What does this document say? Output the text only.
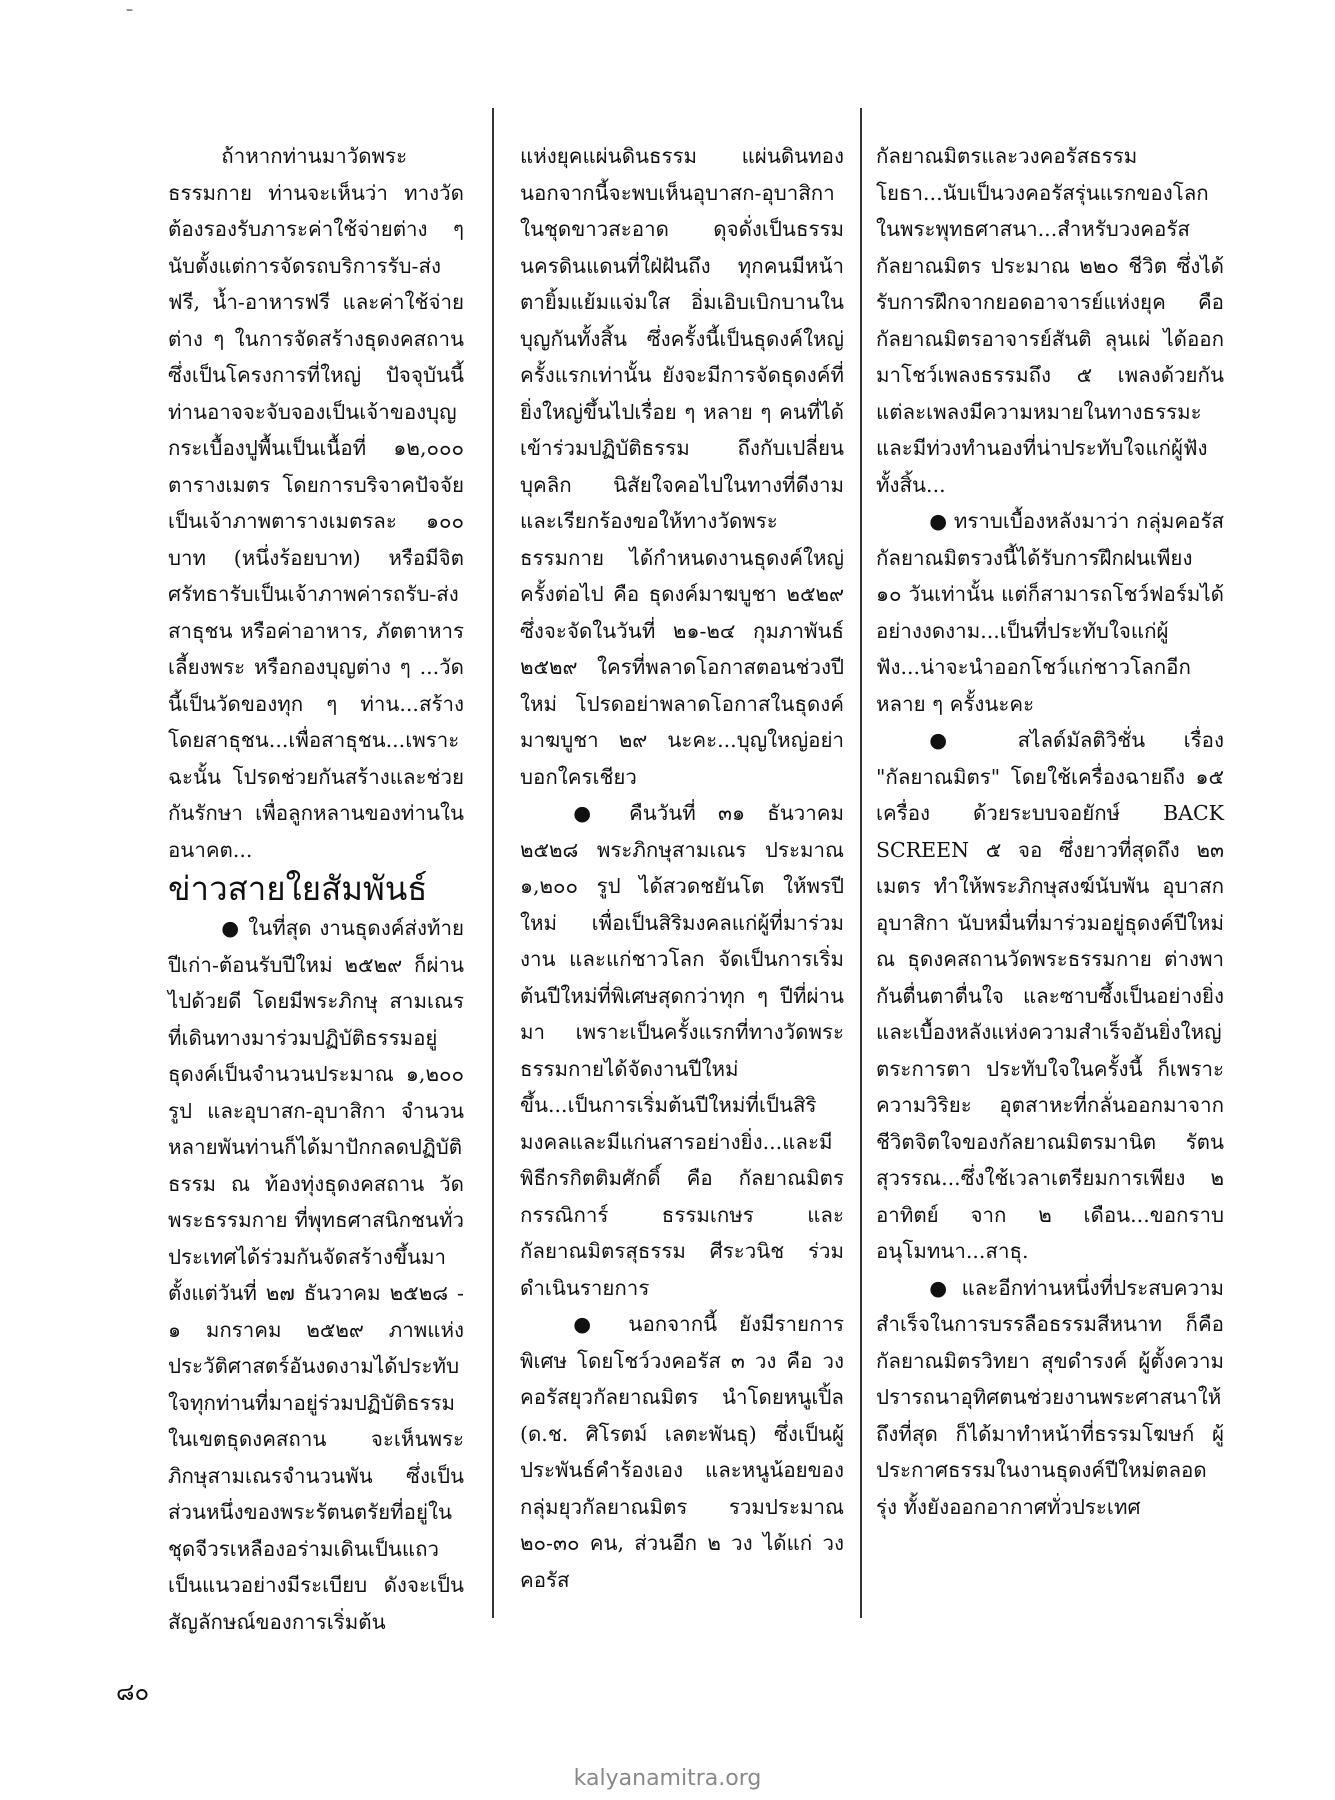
–

ถ้าหากท่านมาวัดพระธรรมกาย ท่านจะเห็นว่า ทางวัดต้องรองรับภาระค่าใช้จ่ายต่าง ๆ นับตั้งแต่การจัดรถบริการรับ-ส่งฟรี, น้ำ-อาหารฟรี และค่าใช้จ่ายต่าง ๆ ในการจัดสร้างธุดงคสถาน ซึ่งเป็นโครงการที่ใหญ่ ปัจจุบันนี้ท่านอาจจะจับจองเป็นเจ้าของบุญกระเบื้องปูพื้นเป็นเนื้อที่ ๑๒,๐๐๐ ตารางเมตร โดยการบริจาคปัจจัยเป็นเจ้าภาพตารางเมตรละ ๑๐๐ บาท (หนึ่งร้อยบาท) หรือมีจิตศรัทธารับเป็นเจ้าภาพค่ารถรับ-ส่งสาธุชน หรือค่าอาหาร, ภัตตาหารเลี้ยงพระ หรือกองบุญต่าง ๆ ...วัดนี้เป็นวัดของทุก ๆ ท่าน...สร้างโดยสาธุชน...เพื่อสาธุชน...เพราะฉะนั้น โปรดช่วยกันสร้างและช่วยกันรักษา เพื่อลูกหลานของท่านในอนาคต...

ข่าวสายใยสัมพันธ์

● ในที่สุด งานธุดงค์ส่งท้ายปีเก่า-ต้อนรับปีใหม่ ๒๕๒๙ ก็ผ่านไปด้วยดี โดยมีพระภิกษุ สามเณร ที่เดินทางมาร่วมปฏิบัติธรรมอยู่ธุดงค์เป็นจำนวนประมาณ ๑,๒๐๐ รูป และอุบาสก-อุบาสิกา จำนวนหลายพันท่านก็ได้มาปักกลดปฏิบัติธรรม ณ ท้องทุ่งธุดงคสถาน วัดพระธรรมกาย ที่พุทธศาสนิกชนทั่วประเทศได้ร่วมกันจัดสร้างขึ้นมาตั้งแต่วันที่ ๒๗ ธันวาคม ๒๕๒๘ - ๑ มกราคม ๒๕๒๙ ภาพแห่งประวัติศาสตร์อันงดงามได้ประทับใจทุกท่านที่มาอยู่ร่วมปฏิบัติธรรม ในเขตธุดงคสถาน จะเห็นพระภิกษุสามเณรจำนวนพัน ซึ่งเป็นส่วนหนึ่งของพระรัตนตรัยที่อยู่ในชุดจีวรเหลืองอร่ามเดินเป็นแถวเป็นแนวอย่างมีระเบียบ ดังจะเป็นสัญลักษณ์ของการเริ่มต้น

แห่งยุคแผ่นดินธรรม แผ่นดินทอง นอกจากนี้จะพบเห็นอุบาสก-อุบาสิกาในชุดขาวสะอาด ดุจดั่งเป็นธรรมนครดินแดนที่ใฝ่ฝันถึง ทุกคนมีหน้าตายิ้มแย้มแจ่มใส อิ่มเอิบเบิกบานในบุญกันทั้งสิ้น ซึ่งครั้งนี้เป็นธุดงค์ใหญ่ครั้งแรกเท่านั้น ยังจะมีการจัดธุดงค์ที่ยิ่งใหญ่ขึ้นไปเรื่อย ๆ หลาย ๆ คนที่ได้เข้าร่วมปฏิบัติธรรม ถึงกับเปลี่ยนบุคลิก นิสัยใจคอไปในทางที่ดีงาม และเรียกร้องขอให้ทางวัดพระธรรมกาย ได้กำหนดงานธุดงค์ใหญ่ครั้งต่อไป คือ ธุดงค์มาฆบูชา ๒๕๒๙ ซึ่งจะจัดในวันที่ ๒๑-๒๔ กุมภาพันธ์ ๒๕๒๙ ใครที่พลาดโอกาสตอนช่วงปีใหม่ โปรดอย่าพลาดโอกาสในธุดงค์มาฆบูชา ๒๙ นะคะ...บุญใหญ่อย่าบอกใครเชียว

● คืนวันที่ ๓๑ ธันวาคม ๒๕๒๘ พระภิกษุสามเณร ประมาณ ๑,๒๐๐ รูป ได้สวดชยันโต ให้พรปีใหม่ เพื่อเป็นสิริมงคลแก่ผู้ที่มาร่วมงาน และแก่ชาวโลก จัดเป็นการเริ่มต้นปีใหม่ที่พิเศษสุดกว่าทุก ๆ ปีที่ผ่านมา เพราะเป็นครั้งแรกที่ทางวัดพระธรรมกายได้จัดงานปีใหม่ขึ้น...เป็นการเริ่มต้นปีใหม่ที่เป็นสิริมงคลและมีแก่นสารอย่างยิ่ง...และมีพิธีกรกิตติมศักดิ์ คือ กัลยาณมิตรกรรณิการ์ ธรรมเกษร และกัลยาณมิตรสุธรรม ศีระวนิช ร่วมดำเนินรายการ

● นอกจากนี้ ยังมีรายการพิเศษ โดยโชว์วงคอรัส ๓ วง คือ วงคอรัสยุวกัลยาณมิตร นำโดยหนูเปิ้ล (ด.ช. ศิโรตม์ เลตะพันธุ) ซึ่งเป็นผู้ประพันธ์คำร้องเอง และหนูน้อยของกลุ่มยุวกัลยาณมิตร รวมประมาณ ๒๐-๓๐ คน, ส่วนอีก ๒ วง ได้แก่ วงคอรัส

กัลยาณมิตรและวงคอรัสธรรมโยธา...นับเป็นวงคอรัสรุ่นแรกของโลกในพระพุทธศาสนา...สำหรับวงคอรัสกัลยาณมิตร ประมาณ ๒๒๐ ชีวิต ซึ่งได้รับการฝึกจากยอดอาจารย์แห่งยุค คือ กัลยาณมิตรอาจารย์สันติ ลุนเผ่ ได้ออกมาโชว์เพลงธรรมถึง ๕ เพลงด้วยกัน แต่ละเพลงมีความหมายในทางธรรมะและมีท่วงทำนองที่น่าประทับใจแก่ผู้ฟังทั้งสิ้น...

● ทราบเบื้องหลังมาว่า กลุ่มคอรัสกัลยาณมิตรวงนี้ได้รับการฝึกฝนเพียง ๑๐ วันเท่านั้น แต่ก็สามารถโชว์ฟอร์มได้อย่างงดงาม...เป็นที่ประทับใจแก่ผู้ฟัง...น่าจะนำออกโชว์แก่ชาวโลกอีกหลาย ๆ ครั้งนะคะ

● สไลด์มัลติวิชั่น เรื่อง "กัลยาณมิตร" โดยใช้เครื่องฉายถึง ๑๕ เครื่อง ด้วยระบบจอยักษ์ BACK SCREEN ๕ จอ ซึ่งยาวที่สุดถึง ๒๓ เมตร ทำให้พระภิกษุสงฆ์นับพัน อุบาสก อุบาสิกา นับหมื่นที่มาร่วมอยู่ธุดงค์ปีใหม่ ณ ธุดงคสถานวัดพระธรรมกาย ต่างพากันตื่นตาตื่นใจ และซาบซึ้งเป็นอย่างยิ่ง และเบื้องหลังแห่งความสำเร็จอันยิ่งใหญ่ตระการตา ประทับใจในครั้งนี้ ก็เพราะความวิริยะ อุตสาหะที่กลั่นออกมาจากชีวิตจิตใจของกัลยาณมิตรมานิต รัตนสุวรรณ...ซึ่งใช้เวลาเตรียมการเพียง ๒ อาทิตย์ จาก ๒ เดือน...ขอกราบอนุโมทนา...สาธุ.

● และอีกท่านหนึ่งที่ประสบความสำเร็จในการบรรลือธรรมสีหนาท ก็คือ กัลยาณมิตรวิทยา สุขดำรงค์ ผู้ตั้งความปรารถนาอุทิศตนช่วยงานพระศาสนาให้ถึงที่สุด ก็ได้มาทำหน้าที่ธรรมโฆษก์ ผู้ประกาศธรรมในงานธุดงค์ปีใหม่ตลอดรุ่ง ทั้งยังออกอากาศทั่วประเทศ

๘๐
kalyanamitra.org
